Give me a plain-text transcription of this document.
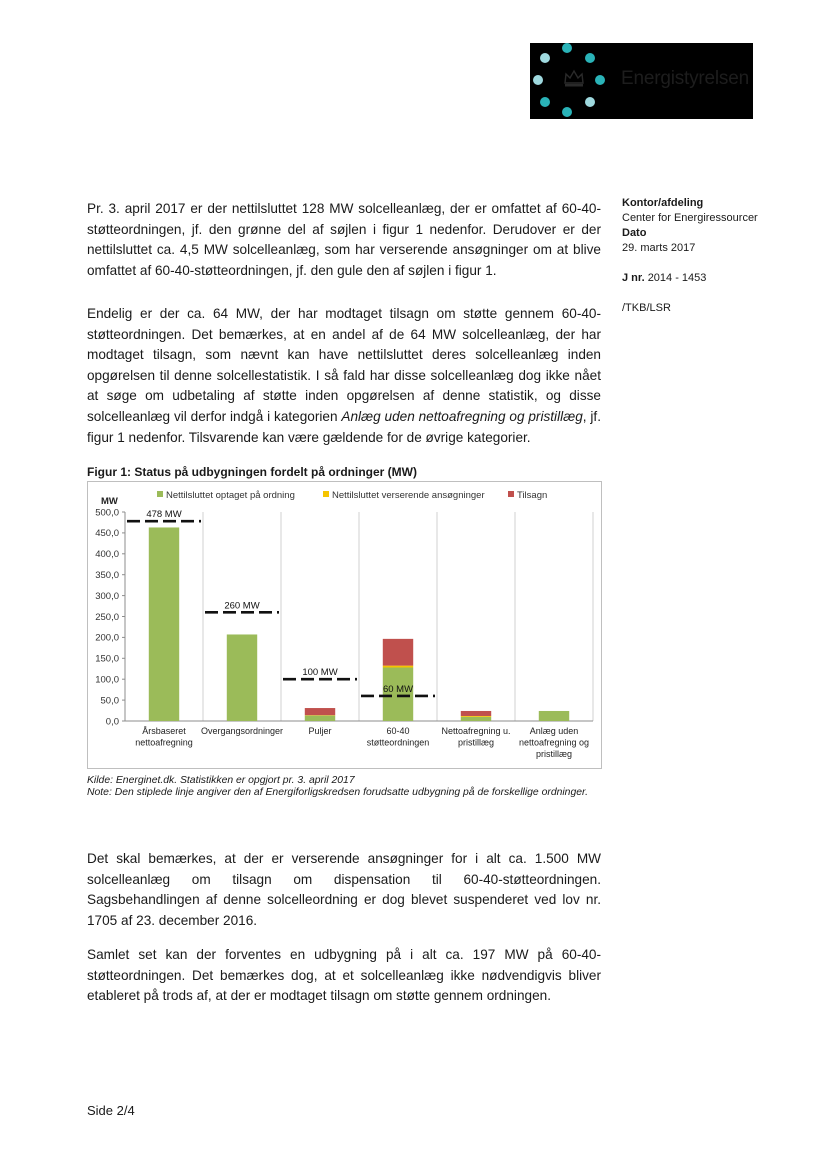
Energistyrelsen
Kontor/afdeling
Center for Energiressourcer
Dato
29. marts 2017
J nr. 2014 - 1453
/TKB/LSR

Pr. 3. april 2017 er der nettilsluttet 128 MW solcelleanlæg, der er omfattet af 60-40-støtteordningen, jf. den grønne del af søjlen i figur 1 nedenfor. Derudover er der nettilsluttet ca. 4,5 MW solcelleanlæg, som har verserende ansøgninger om at blive omfattet af 60-40-støtteordningen, jf. den gule den af søjlen i figur 1.

Endelig er der ca. 64 MW, der har modtaget tilsagn om støtte gennem 60-40-støtteordningen. Det bemærkes, at en andel af de 64 MW solcelleanlæg, der har modtaget tilsagn, som nævnt kan have nettilsluttet deres solcelleanlæg inden opgørelsen til denne solcellestatistik. I så fald har disse solcelleanlæg dog ikke nået at søge om udbetaling af støtte inden opgørelsen af denne statistik, og disse solcelleanlæg vil derfor indgå i kategorien Anlæg uden nettoafregning og pristillæg, jf. figur 1 nedenfor. Tilsvarende kan være gældende for de øvrige kategorier.

Figur 1: Status på udbygningen fordelt på ordninger (MW)
Nettilsluttet optaget på ordning	Nettilsluttet verserende ansøgninger	Tilsagn
MW
0,0
50,0
100,0
150,0
200,0
250,0
300,0
350,0
400,0
450,0
500,0
Årsbaseret
nettoafregning
Overgangsordninger	Puljer	60-40
støtteordningen
Nettoafregning u.
pristillæg
Anlæg uden
nettoafregning og
pristillæg
478 MW
260 MW
100 MW
60 MW
Kilde: Energinet.dk. Statistikken er opgjort pr. 3. april 2017
Note: Den stiplede linje angiver den af Energiforligskredsen forudsatte udbygning på de forskellige ordninger.

Det skal bemærkes, at der er verserende ansøgninger for i alt ca. 1.500 MW solcelleanlæg om tilsagn om dispensation til 60-40-støtteordningen. Sagsbehandlingen af denne solcelleordning er dog blevet suspenderet ved lov nr. 1705 af 23. december 2016.

Samlet set kan der forventes en udbygning på i alt ca. 197 MW på 60-40-støtteordningen. Det bemærkes dog, at et solcelleanlæg ikke nødvendigvis bliver etableret på trods af, at der er modtaget tilsagn om støtte gennem ordningen.

Side 2/4
